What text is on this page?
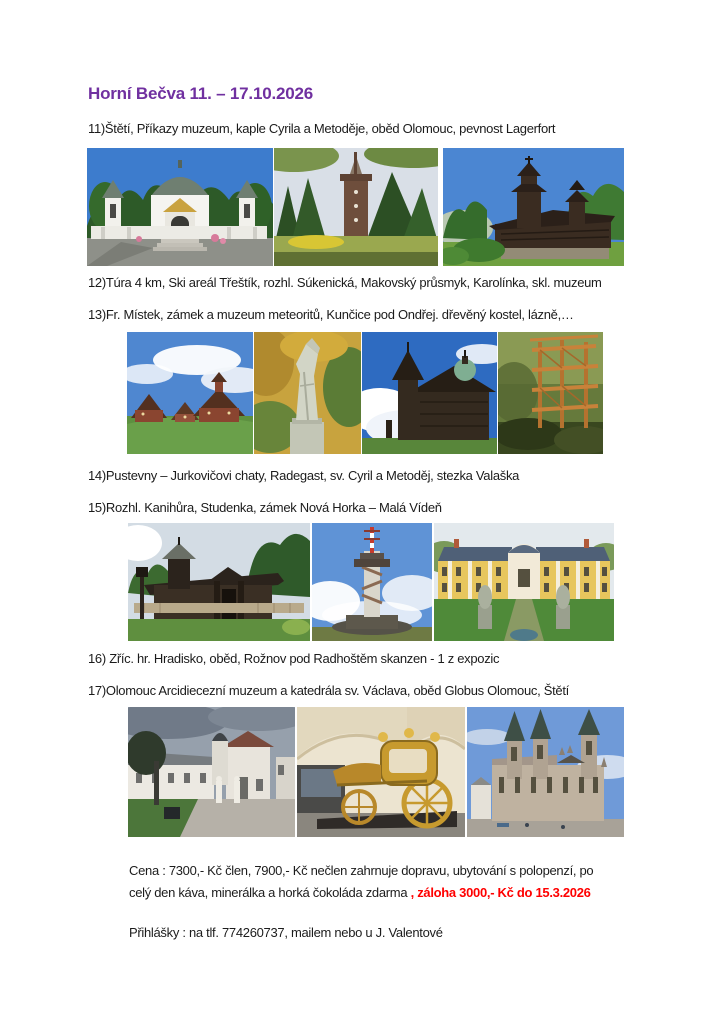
Horní Bečva 11. – 17.10.2026
11)Štětí, Příkazy muzeum, kaple Cyrila a Metoděje, oběd Olomouc, pevnost Lagerfort
12)Túra 4 km, Ski areál Třeštík, rozhl. Súkenická, Makovský průsmyk, Karolínka, skl. muzeum
13)Fr. Místek, zámek a muzeum meteoritů, Kunčice pod Ondřej. dřevěný kostel, lázně,…
14)Pustevny – Jurkovičovi chaty, Radegast, sv. Cyril a Metoděj, stezka Valaška
15)Rozhl. Kanihůra, Studenka, zámek Nová Horka – Malá Vídeň
16) Zříc. hr. Hradisko, oběd, Rožnov pod Radhoštěm skanzen - 1 z expozic
17)Olomouc Arcidiecezní muzeum a katedrála sv. Václava, oběd Globus Olomouc, Štětí
Cena : 7300,- Kč člen, 7900,- Kč nečlen zahrnuje dopravu, ubytování s polopenzí, po
celý den káva, minerálka a horká čokoláda zdarma , záloha 3000,- Kč do 15.3.2026
Přihlášky : na tlf. 774260737, mailem nebo u J. Valentové
